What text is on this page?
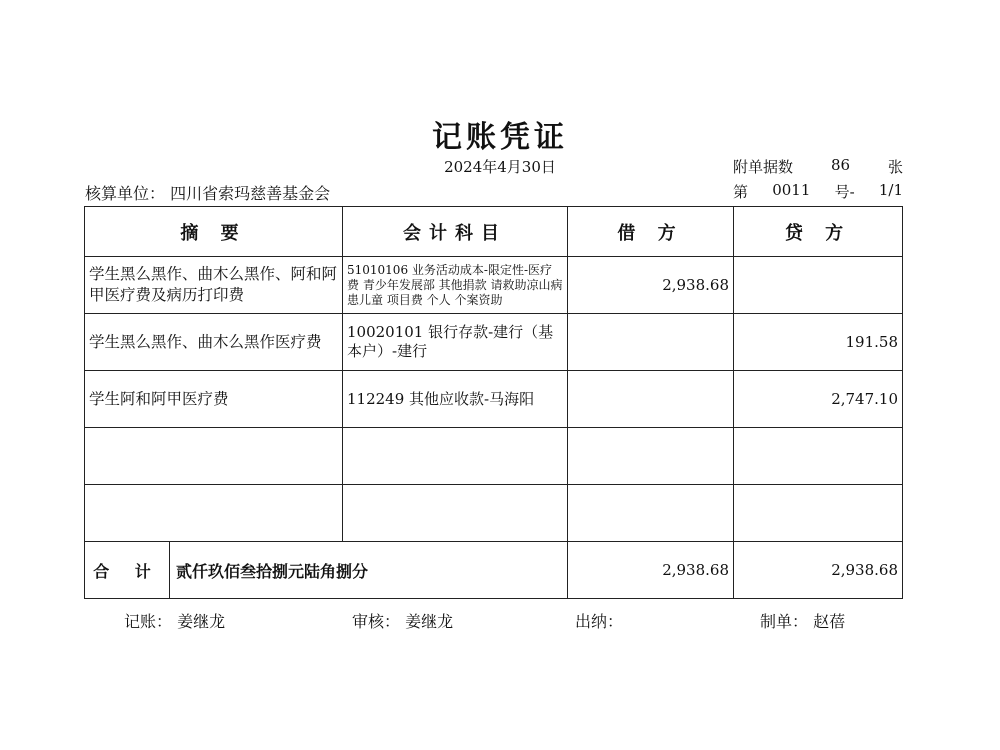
记账凭证
2024年4月30日	附单据数	86	张
核算单位： 四川省索玛慈善基金会	第 0011 号- 1/1
摘 要	会计科目	借 方	贷 方
学生黑么黑作、曲木么黑作、阿和阿甲医疗费及病历打印费	51010106 业务活动成本-限定性-医疗费 青少年发展部 其他捐款 请救助凉山病患儿童 项目费 个人 个案资助	2,938.68	
学生黑么黑作、曲木么黑作医疗费	10020101 银行存款-建行（基本户）-建行		191.58
学生阿和阿甲医疗费	112249 其他应收款-马海阳		2,747.10

合 计 贰仟玖佰叁拾捌元陆角捌分		2,938.68	2,938.68
记账： 姜继龙	审核： 姜继龙	出纳：	制单： 赵蓓
